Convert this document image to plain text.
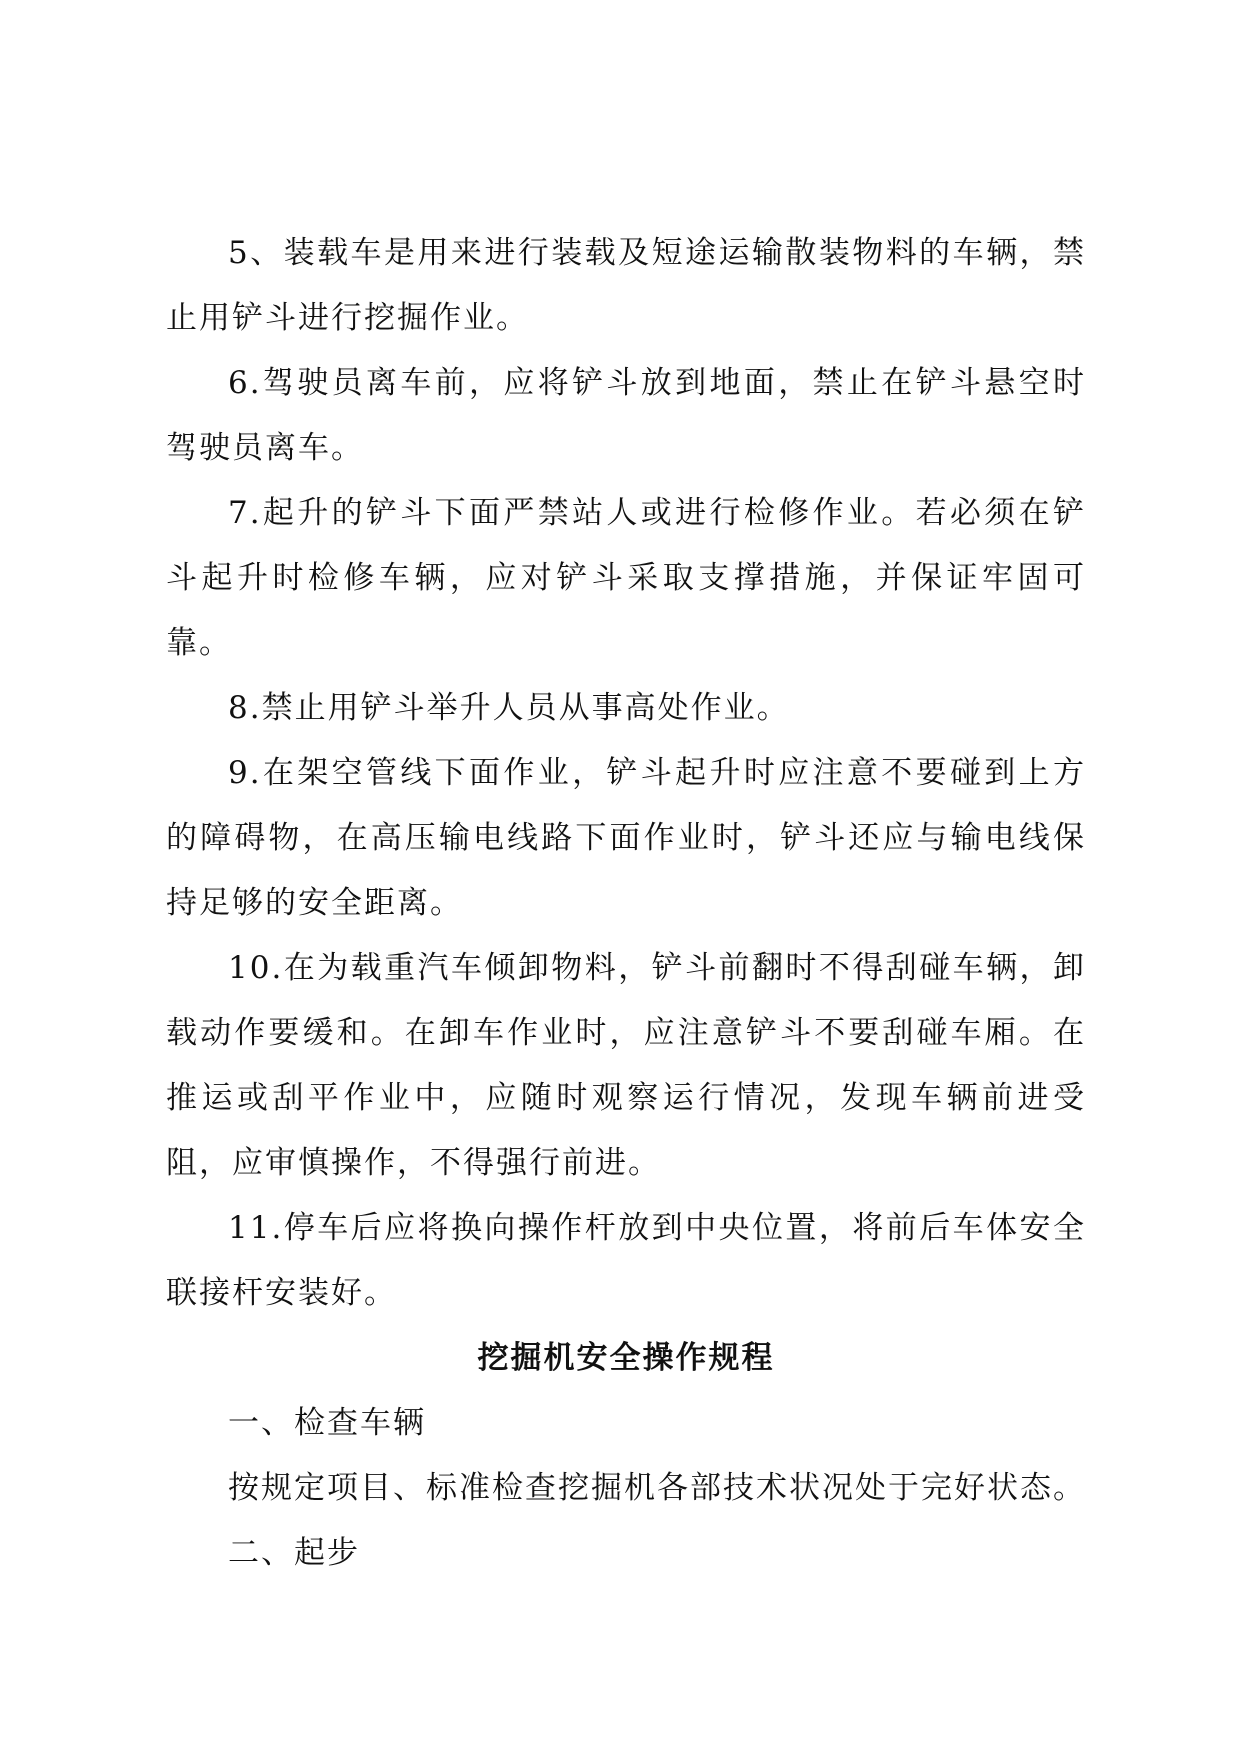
5、装载车是用来进行装载及短途运输散装物料的车辆，禁止用铲斗进行挖掘作业。

6.驾驶员离车前，应将铲斗放到地面，禁止在铲斗悬空时驾驶员离车。

7.起升的铲斗下面严禁站人或进行检修作业。若必须在铲斗起升时检修车辆，应对铲斗采取支撑措施，并保证牢固可靠。

8.禁止用铲斗举升人员从事高处作业。

9.在架空管线下面作业，铲斗起升时应注意不要碰到上方的障碍物，在高压输电线路下面作业时，铲斗还应与输电线保持足够的安全距离。

10.在为载重汽车倾卸物料，铲斗前翻时不得刮碰车辆，卸载动作要缓和。在卸车作业时，应注意铲斗不要刮碰车厢。在推运或刮平作业中，应随时观察运行情况，发现车辆前进受阻，应审慎操作，不得强行前进。

11.停车后应将换向操作杆放到中央位置，将前后车体安全联接杆安装好。

挖掘机安全操作规程

一、检查车辆

按规定项目、标准检查挖掘机各部技术状况处于完好状态。

二、起步
